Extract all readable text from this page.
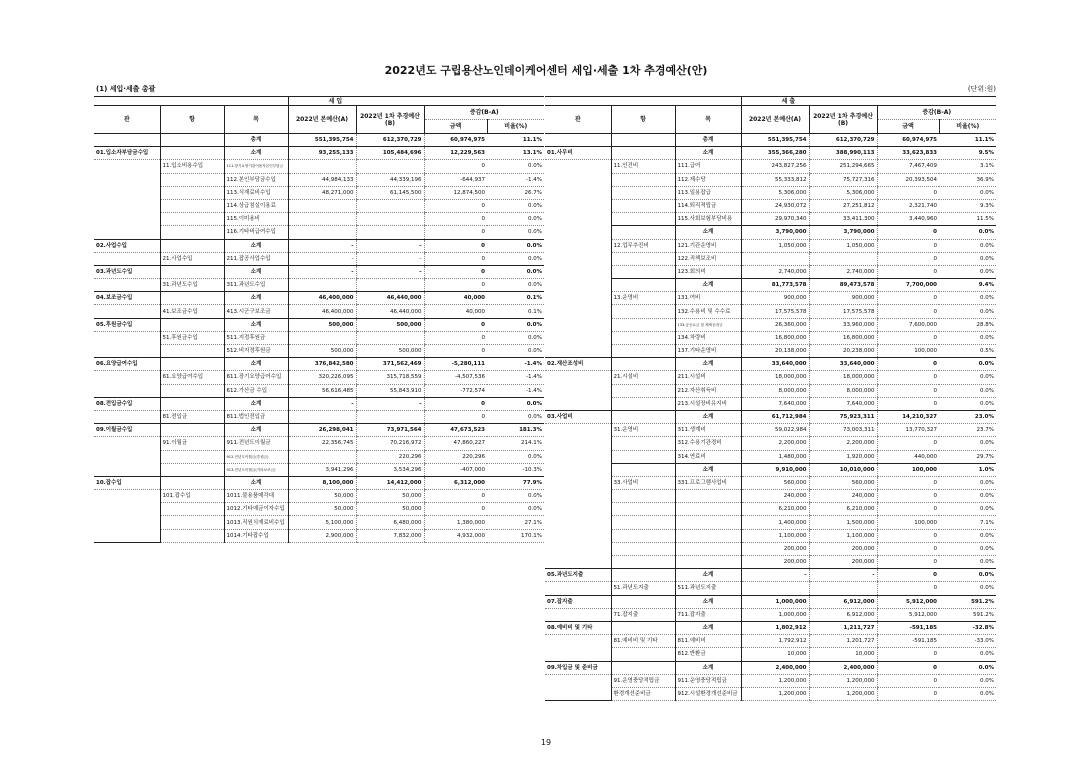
2022년도 구립용산노인데이케어센터 세입·세출 1차 추경예산(안)
(1) 세입·세출 총괄	(단위:원)
			세 입			
관	항	목	2022년 본예산(A)	2022년 1차 추경예산(B)	증감(B-A)	
					금액	비율(%)
		총계	551,395,754	612,370,729	60,974,975	11.1%
01.입소자부담금수입		소계	93,255,133	105,484,696	12,229,563	13.1%
	11.입소비용수입	111.장기요양기관이용자본인부담금			0	0.0%
		112.본인부담금수입	44,984,133	44,339,196	-644,937	-1.4%
		113.식재료비수입	48,271,000	61,145,500	12,874,500	26.7%
		114.상급침실이용료			0	0.0%
		115.이미용비			0	0.0%
		116.기타비급여수입			0	0.0%
02.사업수입		소계	-	-	0	0.0%
	21.사업수입	211.잡공사업수입	-	-	0	0.0%
03.과년도수입		소계	-	-	0	0.0%
	31.과년도수입	311.과년도수입			0	0.0%
04.보조금수입		소계	46,400,000	46,440,000	40,000	0.1%
	41.보조금수입	413.시군구보조금	46,400,000	46,440,000	40,000	0.1%
05.후원금수입		소계	500,000	500,000	0	0.0%
	51.후원금수입	511.지정후원금			0	0.0%
		512.비지정후원금	500,000	500,000	0	0.0%
06.요양급여수입		소계	376,842,580	371,562,469	-5,280,111	-1.4%
	61.요양급여수입	611.장기요양급여수입	320,226,095	315,718,559	-4,507,536	-1.4%
		612.가산금 수입	56,616,485	55,843,910	-772,574	-1.4%
08.전입금수입		소계	-	-	0	0.0%
	81.전입금	811.법인전입금			0	0.0%
09.이월금수입		소계	26,298,041	73,971,564	47,673,523	181.3%
	91.이월금	911.전년도이월금	22,356,745	70,216,972	47,860,227	214.1%
		912.전년도이월금(후원금)		220,296	220,296	0.0%
		913.전년도이월금(기타보조금)	3,941,296	3,534,296	-407,000	-10.3%
10.잡수입		소계	8,100,000	14,412,000	6,312,000	77.9%
	101.잡수입	1011.불용품매각대	50,000	50,000	0	0.0%
		1012.기타예금이자수입	50,000	50,000	0	0.0%
		1013.직원식재료비수입	5,100,000	6,480,000	1,380,000	27.1%
		1014.기타잡수입	2,900,000	7,832,000	4,932,000	170.1%
			세 출			
관	항	목	2022년 본예산(A)	2022년 1차 추경예산(B)	증감(B-A)	
					금액	비율(%)
		총계	551,395,754	612,370,729	60,974,975	11.1%
01.사무비		소계	355,366,280	388,990,113	33,623,833	9.5%
	11.인건비	111.급여	243,827,256	251,294,665	7,467,409	3.1%
		112.제수당	55,333,812	75,727,316	20,393,504	36.9%
		113.일용잡급	5,306,000	5,306,000	0	0.0%
		114.퇴직적립금	24,930,072	27,251,812	2,321,740	9.3%
		115.사회보험부담비용	29,970,340	33,411,300	3,440,960	11.5%
		소계	3,790,000	3,790,000	0	0.0%
	12.업무추진비	121.기관운영비	1,050,000	1,050,000	0	0.0%
		122.직책보조비			0	0.0%
		123.회의비	2,740,000	2,740,000	0	0.0%
		소계	81,773,578	89,473,578	7,700,000	9.4%
	13.운영비	131.여비	900,000	900,000	0	0.0%
		132.수용비 및 수수료	17,575,578	17,575,578	0	0.0%
		133.공공요금 및 제세공과금	26,360,000	33,960,000	7,600,000	28.8%
		134.차량비	16,800,000	16,800,000	0	0.0%
		137.기타운영비	20,138,000	20,238,000	100,000	0.5%
02.재산조성비		소계	33,640,000	33,640,000	0	0.0%
	21.시설비	211.시설비	18,000,000	18,000,000	0	0.0%
		212.자산취득비	8,000,000	8,000,000	0	0.0%
		213.시설장비유지비	7,640,000	7,640,000	0	0.0%
03.사업비		소계	61,712,984	75,923,311	14,210,327	23.0%
	31.운영비	311.생계비	59,022,984	73,003,311	13,770,327	23.7%
		312.수용기관경비	2,200,000	2,200,000	0	0.0%
		314.연료비	1,480,000	1,920,000	440,000	29.7%
		소계	9,910,000	10,010,000	100,000	1.0%
	33.사업비	331.프로그램사업비	560,000	560,000	0	0.0%
			240,000	240,000	0	0.0%
			6,210,000	6,210,000	0	0.0%
			1,400,000	1,500,000	100,000	7.1%
			1,100,000	1,100,000	0	0.0%
			200,000	200,000	0	0.0%
			200,000	200,000	0	0.0%
05.과년도지출		소계	-	-	0	0.0%
	51.과년도지출	511.과년도지출			0	0.0%
07.잡지출		소계	1,000,000	6,912,000	5,912,000	591.2%
	71.잡지출	711.잡지출	1,000,000	6,912,000	5,912,000	591.2%
08.예비비 및 기타		소계	1,802,912	1,211,727	-591,185	-32.8%
	81.예비비 및 기타	811.예비비	1,792,912	1,201,727	-591,185	-33.0%
		812.반환금	10,000	10,000	0	0.0%
09.차입금 및 준비금		소계	2,400,000	2,400,000	0	0.0%
	91.운영충당적립금	911.운영충당적립금	1,200,000	1,200,000	0	0.0%
	환경개선준비금	912.시설환경개선준비금	1,200,000	1,200,000	0	0.0%
19
